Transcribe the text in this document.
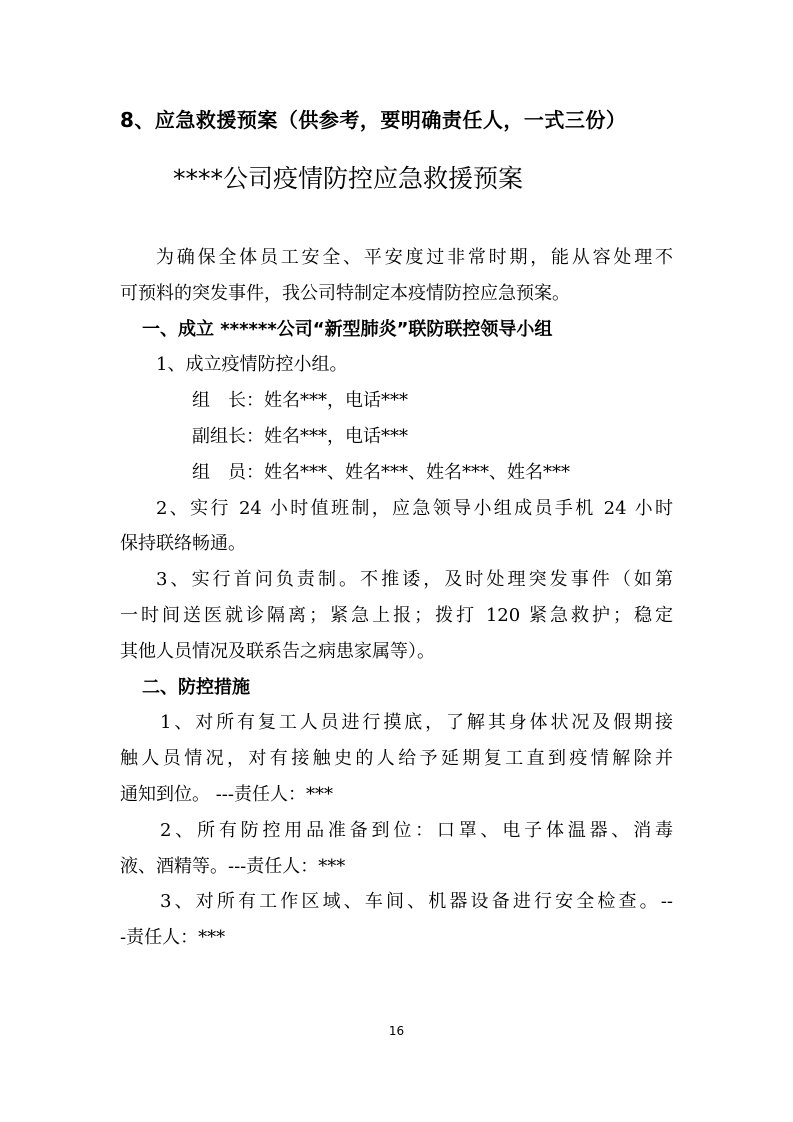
8、应急救援预案（供参考，要明确责任人，一式三份）
****公司疫情防控应急救援预案
为确保全体员工安全、平安度过非常时期，能从容处理不
可预料的突发事件，我公司特制定本疫情防控应急预案。
一、成立 ******公司“新型肺炎”联防联控领导小组
1、成立疫情防控小组。
组　长：姓名***，电话***
副组长：姓名***，电话***
组　员：姓名***、姓名***、姓名***、姓名***
2、实行 24 小时值班制，应急领导小组成员手机 24 小时
保持联络畅通。
3、实行首问负责制。不推诿，及时处理突发事件（如第
一时间送医就诊隔离；紧急上报；拨打 120 紧急救护；稳定
其他人员情况及联系告之病患家属等）。
二、防控措施
1、对所有复工人员进行摸底，了解其身体状况及假期接
触人员情况，对有接触史的人给予延期复工直到疫情解除并
通知到位。 ---责任人：***
2、所有防控用品准备到位：口罩、电子体温器、消毒
液、酒精等。---责任人：***
3、对所有工作区域、车间、机器设备进行安全检查。--
-责任人：***
16
